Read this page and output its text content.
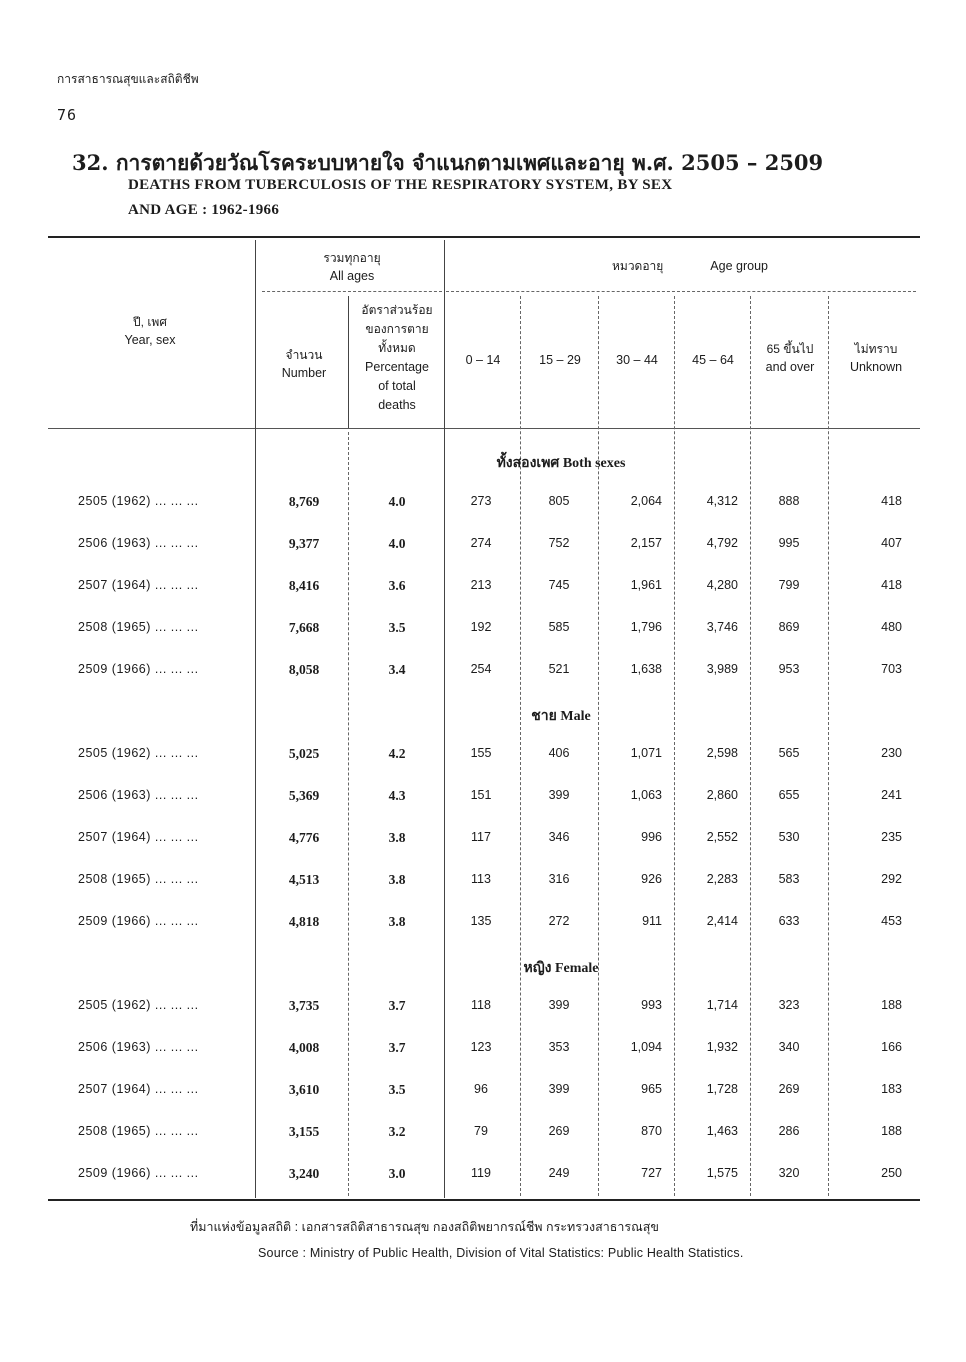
การสาธารณสุขและสถิติชีพ
76
32. การตายด้วยวัณโรคระบบหายใจ จำแนกตามเพศและอายุ พ.ศ. 2505 – 2509
DEATHS FROM TUBERCULOSIS OF THE RESPIRATORY SYSTEM, BY SEX
AND AGE : 1962-1966
ปี, เพศ
Year, sex
รวมทุกอายุ
All ages
จำนวน
Number
อัตราส่วนร้อย
ของการตาย
ทั้งหมด
Percentage
of total
deaths
หมวดอายุ	Age group
0 – 14	15 – 29	30 – 44	45 – 64
65 ขึ้นไป
and over
ไม่ทราบ
Unknown
ทั้งสองเพศ Both sexes
2505 (1962) ... ... ...	8,769	4.0	273	805	2,064	4,312	888	418
2506 (1963) ... ... ...	9,377	4.0	274	752	2,157	4,792	995	407
2507 (1964) ... ... ...	8,416	3.6	213	745	1,961	4,280	799	418
2508 (1965) ... ... ...	7,668	3.5	192	585	1,796	3,746	869	480
2509 (1966) ... ... ...	8,058	3.4	254	521	1,638	3,989	953	703
ชาย Male
2505 (1962) ... ... ...	5,025	4.2	155	406	1,071	2,598	565	230
2506 (1963) ... ... ...	5,369	4.3	151	399	1,063	2,860	655	241
2507 (1964) ... ... ...	4,776	3.8	117	346	996	2,552	530	235
2508 (1965) ... ... ...	4,513	3.8	113	316	926	2,283	583	292
2509 (1966) ... ... ...	4,818	3.8	135	272	911	2,414	633	453
หญิง Female
2505 (1962) ... ... ...	3,735	3.7	118	399	993	1,714	323	188
2506 (1963) ... ... ...	4,008	3.7	123	353	1,094	1,932	340	166
2507 (1964) ... ... ...	3,610	3.5	96	399	965	1,728	269	183
2508 (1965) ... ... ...	3,155	3.2	79	269	870	1,463	286	188
2509 (1966) ... ... ...	3,240	3.0	119	249	727	1,575	320	250
ที่มาแห่งข้อมูลสถิติ : เอกสารสถิติสาธารณสุข กองสถิติพยากรณ์ชีพ กระทรวงสาธารณสุข
Source : Ministry of Public Health, Division of Vital Statistics: Public Health Statistics.
